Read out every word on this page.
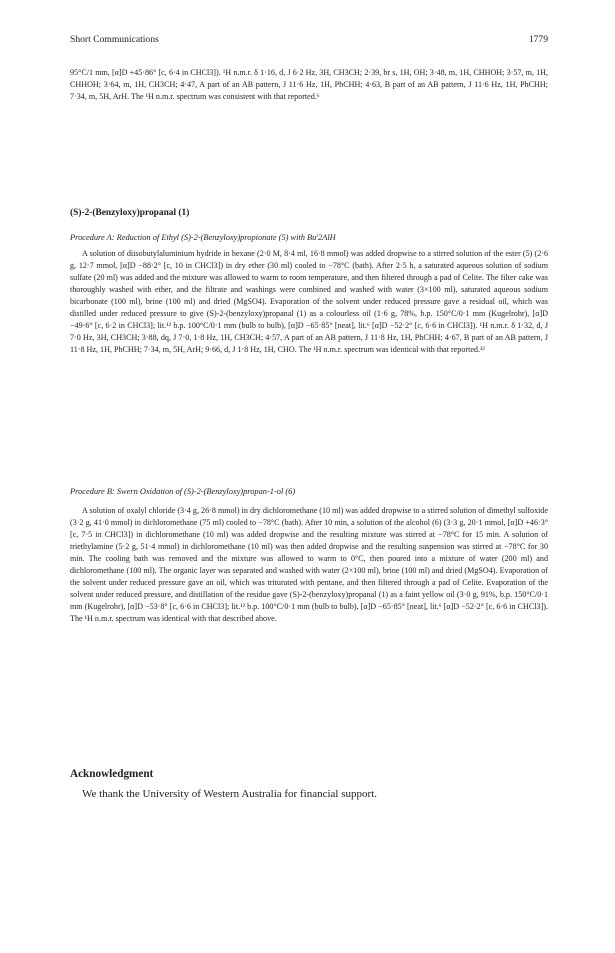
Short Communications	1779

95°C/1 mm, [α]D +45·86° [c, 6·4 in CHCl3]). ¹H n.m.r. δ 1·16, d, J 6·2 Hz, 3H, CH3CH; 2·39, br s, 1H, OH; 3·48, m, 1H, CHHOH; 3·57, m, 1H, CHHOH; 3·64, m, 1H, CH3CH; 4·47, A part of an AB pattern, J 11·6 Hz, 1H, PhCHH; 4·63, B part of an AB pattern, J 11·6 Hz, 1H, PhCHH; 7·34, m, 5H, ArH. The ¹H n.m.r. spectrum was consistent with that reported.⁶

(S)-2-(Benzyloxy)propanal (1)
Procedure A: Reduction of Ethyl (S)-2-(Benzyloxy)propionate (5) with Buⁱ2AlH

A solution of diisobutylaluminium hydride in hexane (2·0 M, 8·4 ml, 16·8 mmol) was added dropwise to a stirred solution of the ester (5) (2·6 g, 12·7 mmol, [α]D −88·2° [c, 10 in CHCl3]) in dry ether (30 ml) cooled to −78°C (bath). After 2·5 h, a saturated aqueous solution of sodium sulfate (20 ml) was added and the mixture was allowed to warm to room temperature, and then filtered through a pad of Celite. The filter cake was thoroughly washed with ether, and the filtrate and washings were combined and washed with water (3×100 ml), saturated aqueous sodium bicarbonate (100 ml), brine (100 ml) and dried (MgSO4). Evaporation of the solvent under reduced pressure gave a residual oil, which was distilled under reduced pressure to give (S)-2-(benzyloxy)propanal (1) as a colourless oil (1·6 g, 78%, b.p. 150°C/0·1 mm (Kugelrohr), [α]D −49·6° [c, 6·2 in CHCl3]; lit.¹² b.p. 100°C/0·1 mm (bulb to bulb), [α]D −65·85° [neat], lit.⁶ [α]D −52·2° [c, 6·6 in CHCl3]). ¹H n.m.r. δ 1·32, d, J 7·0 Hz, 3H, CH3CH; 3·88, dq, J 7·0, 1·8 Hz, 1H, CH3CH; 4·57, A part of an AB pattern, J 11·8 Hz, 1H, PhCHH; 4·67, B part of an AB pattern, J 11·8 Hz, 1H, PhCHH; 7·34, m, 5H, ArH; 9·66, d, J 1·8 Hz, 1H, CHO. The ¹H n.m.r. spectrum was identical with that reported.¹²

Procedure B: Swern Oxidation of (S)-2-(Benzyloxy)propan-1-ol (6)

A solution of oxalyl chloride (3·4 g, 26·8 mmol) in dry dichloromethane (10 ml) was added dropwise to a stirred solution of dimethyl sulfoxide (3·2 g, 41·0 mmol) in dichloromethane (75 ml) cooled to −78°C (bath). After 10 min, a solution of the alcohol (6) (3·3 g, 20·1 mmol, [α]D +46·3° [c, 7·5 in CHCl3]) in dichloromethane (10 ml) was added dropwise and the resulting mixture was stirred at −78°C for 15 min. A solution of triethylamine (5·2 g, 51·4 mmol) in dichloromethane (10 ml) was then added dropwise and the resulting suspension was stirred at −78°C for 30 min. The cooling bath was removed and the mixture was allowed to warm to 0°C, then poured into a mixture of water (200 ml) and dichloromethane (100 ml). The organic layer was separated and washed with water (2×100 ml), brine (100 ml) and dried (MgSO4). Evaporation of the solvent under reduced pressure gave an oil, which was triturated with pentane, and then filtered through a pad of Celite. Evaporation of the solvent under reduced pressure, and distillation of the residue gave (S)-2-(benzyloxy)propanal (1) as a faint yellow oil (3·0 g, 91%, b.p. 150°C/0·1 mm (Kugelrohr), [α]D −53·8° [c, 6·6 in CHCl3]; lit.¹² b.p. 100°C/0·1 mm (bulb to bulb), [α]D −65·85° [neat], lit.⁶ [α]D −52·2° [c, 6·6 in CHCl3]). The ¹H n.m.r. spectrum was identical with that described above.

Acknowledgment
We thank the University of Western Australia for financial support.
